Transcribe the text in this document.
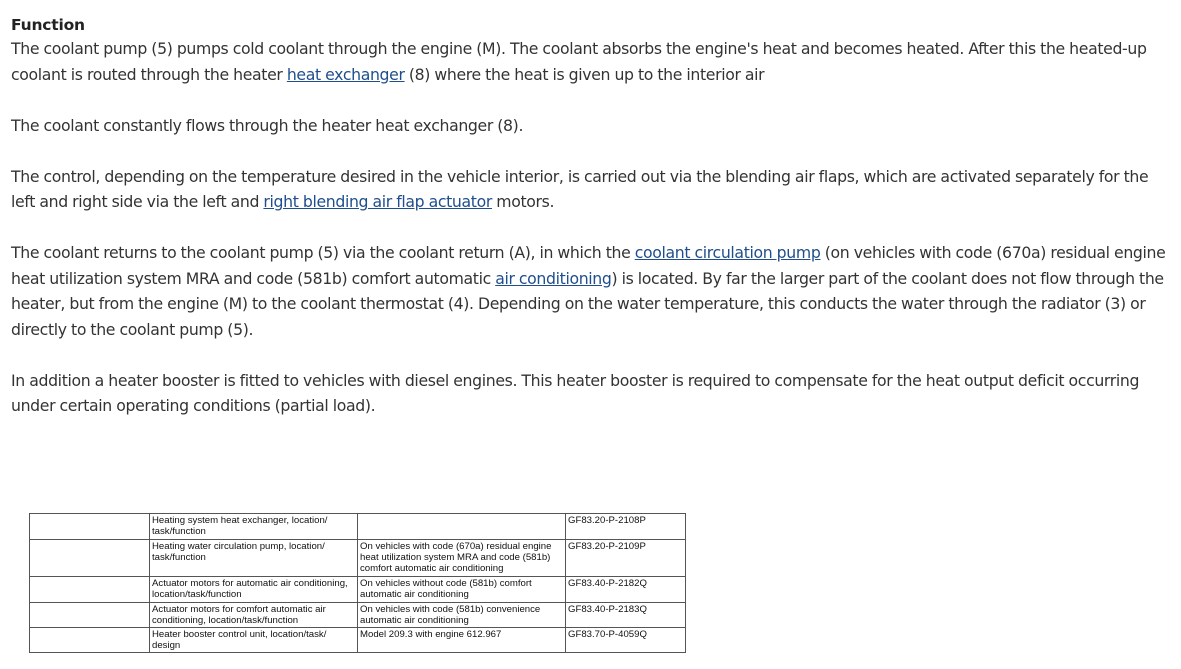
Function

The coolant pump (5) pumps cold coolant through the engine (M). The coolant absorbs the engine's heat and becomes heated. After this the heated-up coolant is routed through the heater heat exchanger (8) where the heat is given up to the interior air

The coolant constantly flows through the heater heat exchanger (8).

The control, depending on the temperature desired in the vehicle interior, is carried out via the blending air flaps, which are activated separately for the left and right side via the left and right blending air flap actuator motors.

The coolant returns to the coolant pump (5) via the coolant return (A), in which the coolant circulation pump (on vehicles with code (670a) residual engine heat utilization system MRA and code (581b) comfort automatic air conditioning) is located. By far the larger part of the coolant does not flow through the heater, but from the engine (M) to the coolant thermostat (4). Depending on the water temperature, this conducts the water through the radiator (3) or directly to the coolant pump (5).

In addition a heater booster is fitted to vehicles with diesel engines. This heater booster is required to compensate for the heat output deficit occurring under certain operating conditions (partial load).

	Heating system heat exchanger, location/ task/function		GF83.20-P-2108P
	Heating water circulation pump, location/ task/function	On vehicles with code (670a) residual engine heat utilization system MRA and code (581b) comfort automatic air conditioning	GF83.20-P-2109P
	Actuator motors for automatic air conditioning, location/task/function	On vehicles without code (581b) comfort automatic air conditioning	GF83.40-P-2182Q
	Actuator motors for comfort automatic air conditioning, location/task/function	On vehicles with code (581b) convenience automatic air conditioning	GF83.40-P-2183Q
	Heater booster control unit, location/task/ design	Model 209.3 with engine 612.967	GF83.70-P-4059Q
